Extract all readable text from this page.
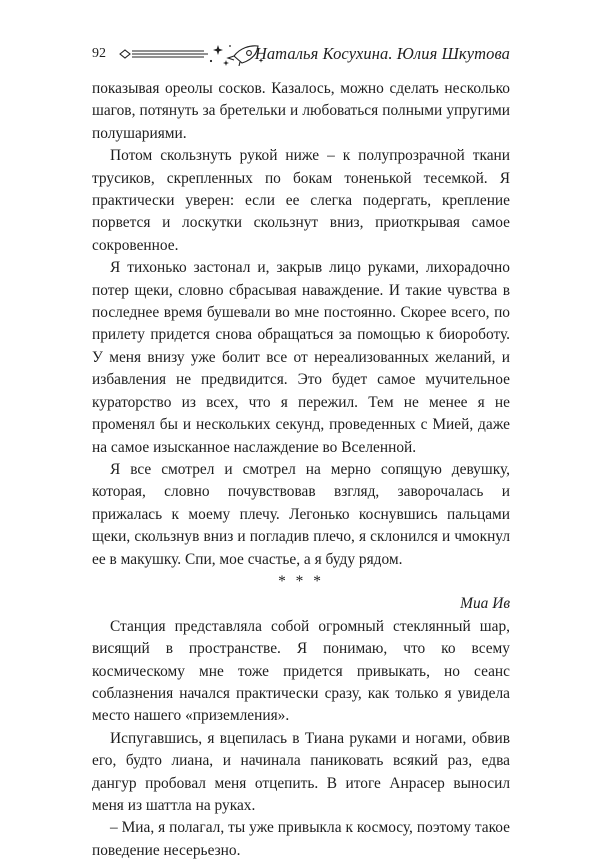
92	Наталья Косухина. Юлия Шкутова

показывая ореолы сосков. Казалось, можно сделать несколько шагов, потянуть за бретельки и любоваться полными упругими полушариями.

Потом скользнуть рукой ниже – к полупрозрачной ткани трусиков, скрепленных по бокам тоненькой тесемкой. Я практически уверен: если ее слегка подергать, крепление порвется и лоскутки скользнут вниз, приоткрывая самое сокровенное.

Я тихонько застонал и, закрыв лицо руками, лихорадочно потер щеки, словно сбрасывая наваждение. И такие чувства в последнее время бушевали во мне постоянно. Скорее всего, по прилету придется снова обращаться за помощью к биороботу. У меня внизу уже болит все от нереализованных желаний, и избавления не предвидится. Это будет самое мучительное кураторство из всех, что я пережил. Тем не менее я не променял бы и нескольких секунд, проведенных с Мией, даже на самое изысканное наслаждение во Вселенной.

Я все смотрел и смотрел на мерно сопящую девушку, которая, словно почувствовав взгляд, заворочалась и прижалась к моему плечу. Легонько коснувшись пальцами щеки, скользнув вниз и погладив плечо, я склонился и чмокнул ее в макушку. Спи, мое счастье, а я буду рядом.

* * *

Миа Ив

Станция представляла собой огромный стеклянный шар, висящий в пространстве. Я понимаю, что ко всему космическому мне тоже придется привыкать, но сеанс соблазнения начался практически сразу, как только я увидела место нашего «приземления».

Испугавшись, я вцепилась в Тиана руками и ногами, обвив его, будто лиана, и начинала паниковать всякий раз, едва дангур пробовал меня отцепить. В итоге Анрасер выносил меня из шаттла на руках.

– Миа, я полагал, ты уже привыкла к космосу, поэтому такое поведение несерьезно.
